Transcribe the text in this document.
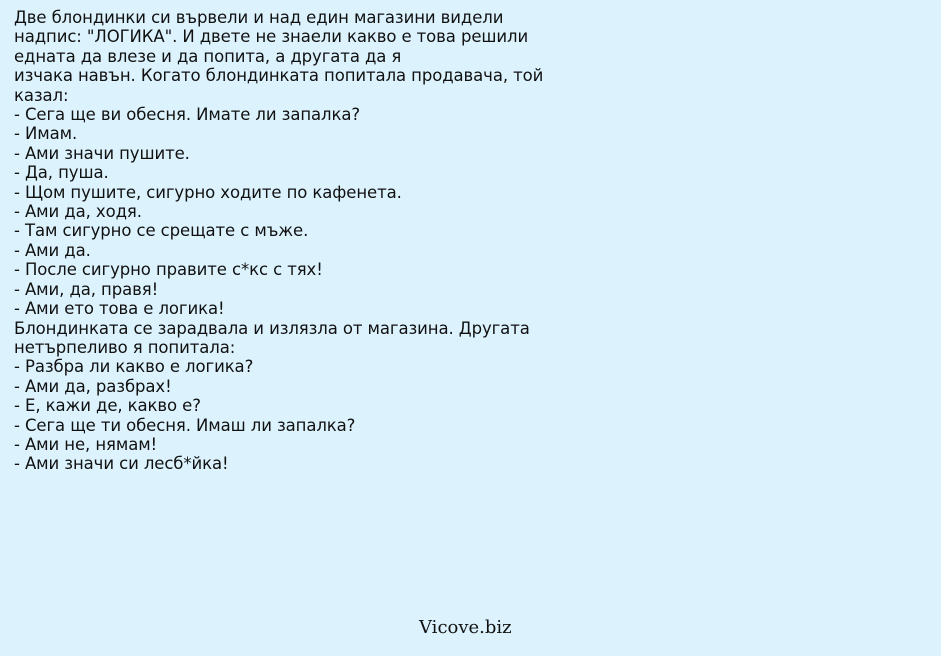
Две блондинки си вървели и над един магазини видели
надпис: "ЛОГИКА". И двете не знаели какво е това решили
едната да влезе и да попита, а другата да я
изчака навън. Когато блондинката попитала продавача, той
казал:
- Сега ще ви обесня. Имате ли запалка?
- Имам.
- Ами значи пушите.
- Да, пуша.
- Щом пушите, сигурно ходите по кафенета.
- Ами да, ходя.
- Там сигурно се срещате с мъже.
- Ами да.
- После сигурно правите с*кс с тях!
- Ами, да, правя!
- Ами ето това е логика!
Блондинката се зарадвала и излязла от магазина. Другата
нетърпеливо я попитала:
- Разбра ли какво е логика?
- Ами да, разбрах!
- Е, кажи де, какво е?
- Сега ще ти обесня. Имаш ли запалка?
- Ами не, нямам!
- Ами значи си лесб*йка!
Vicove.biz
